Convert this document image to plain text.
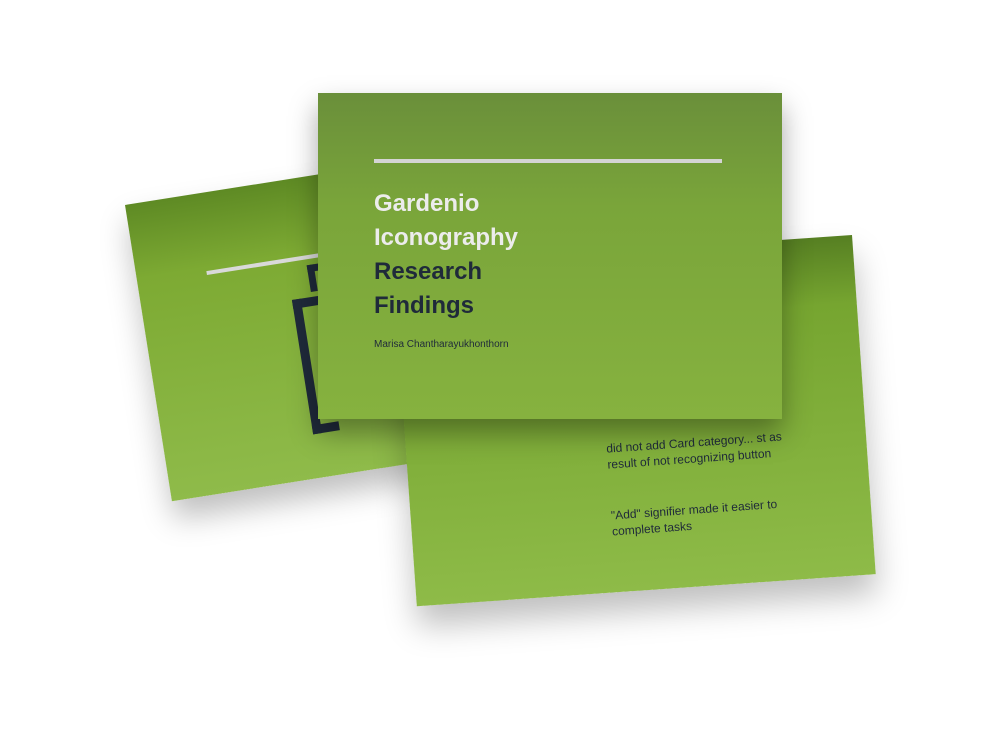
did not add Card category... st as result of not recognizing button
"Add" signifier made it easier to complete tasks
Gardenio
Iconography
Research
Findings
Marisa Chantharayukhonthorn
